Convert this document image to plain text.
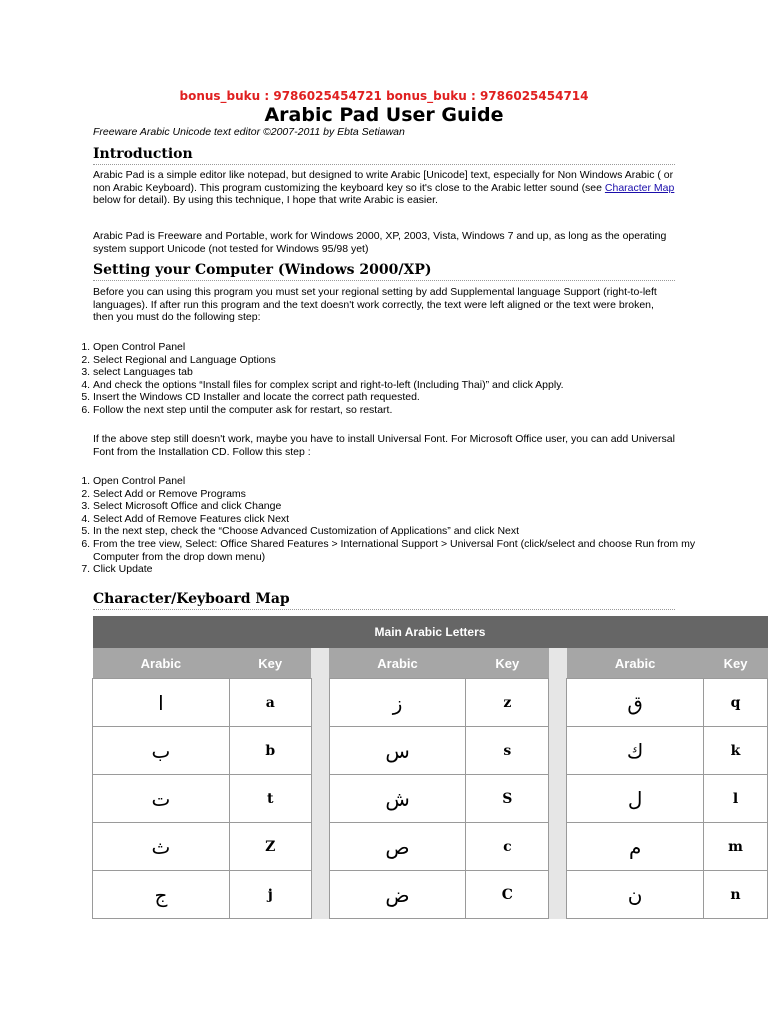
bonus_buku : 9786025454721 bonus_buku : 9786025454714
Arabic Pad User Guide
Freeware Arabic Unicode text editor ©2007-2011 by Ebta Setiawan
Introduction
Arabic Pad is a simple editor like notepad, but designed to write Arabic [Unicode] text, especially for Non Windows Arabic ( or non Arabic Keyboard). This program customizing the keyboard key so it's close to the Arabic letter sound (see Character Map below for detail). By using this technique, I hope that write Arabic is easier.
Arabic Pad is Freeware and Portable, work for Windows 2000, XP, 2003, Vista, Windows 7 and up, as long as the operating system support Unicode (not tested for Windows 95/98 yet)
Setting your Computer (Windows 2000/XP)
Before you can using this program you must set your regional setting by add Supplemental language Support (right-to-left languages). If after run this program and the text doesn't work correctly, the text were left aligned or the text were broken, then you must do the following step:
1. Open Control Panel
2. Select Regional and Language Options
3. select Languages tab
4. And check the options “Install files for complex script and right-to-left (Including Thai)” and click Apply.
5. Insert the Windows CD Installer and locate the correct path requested.
6. Follow the next step until the computer ask for restart, so restart.
If the above step still doesn't work, maybe you have to install Universal Font. For Microsoft Office user, you can add Universal Font from the Installation CD. Follow this step :
1. Open Control Panel
2. Select Add or Remove Programs
3. Select Microsoft Office and click Change
4. Select Add of Remove Features click Next
5. In the next step, check the “Choose Advanced Customization of Applications” and click Next
6. From the tree view, Select: Office Shared Features > International Support > Universal Font (click/select and choose Run from my Computer from the drop down menu)
7. Click Update
Character/Keyboard Map
Main Arabic Letters							
Arabic	Key		Arabic	Key		Arabic	Key
ا	a		ز	z		ق	q
ب	b		س	s		ك	k
ت	t		ش	S		ل	l
ث	Z		ص	c		م	m
ج	j		ض	C		ن	n
